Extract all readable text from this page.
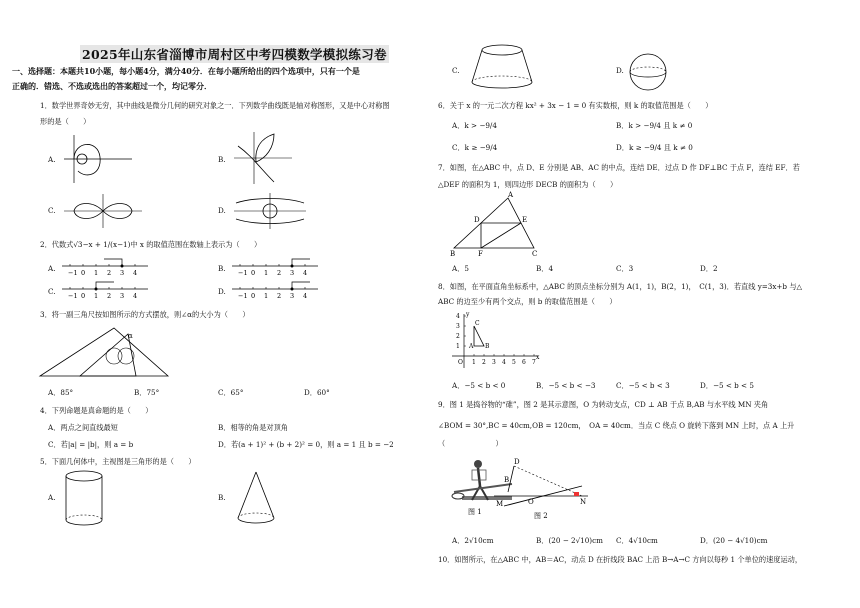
2025年山东省淄博市周村区中考四模数学模拟练习卷
一、选择题：本题共10小题，每小题4分，满分40分．在每小题所给出的四个选项中，只有一个是
正确的．错选、不选或选出的答案超过一个，均记零分．
1．数学世界奇妙无穷，其中曲线是微分几何的研究对象之一．下列数学曲线既是轴对称图形，又是中心对称图
形的是（　　）
A.	B.
C.	D.
2．代数式√3−x + 1/(x−1)中 x 的取值范围在数轴上表示为（　　）
A. −1 0 1 2 3 4	B. −1 0 1 2 3 4
C. −1 0 1 2 3 4	D. −1 0 1 2 3 4
3．将一副三角尺按如图所示的方式摆放，则∠α的大小为（　　）
α
A．85°	B．75°	C．65°	D．60°
4．下列命题是真命题的是（　　）
A．两点之间直线最短	B．相等的角是对顶角
C．若|a| = |b|，则 a = b	D．若(a + 1)² + (b + 2)² = 0，则 a = 1 且 b = −2
5．下面几何体中，主视图是三角形的是（　　）
A.	B.
C.	D.
6．关于 x 的一元二次方程 kx² + 3x − 1 = 0 有实数根，则 k 的取值范围是（　　）
A．k > −9/4	B．k > −9/4 且 k ≠ 0
C．k ≥ −9/4	D．k ≥ −9/4 且 k ≠ 0
7．如图，在△ABC 中，点 D、E 分别是 AB、AC 的中点，连结 DE．过点 D 作 DF⊥BC 于点 F，连结 EF．若
△DEF 的面积为 1，则四边形 DECB 的面积为（　　）
A
D	E
B	F	C
A．5	B．4	C．3	D．2
8．如图，在平面直角坐标系中，△ABC 的顶点坐标分别为 A(1，1)，B(2，1)，　C(1，3)．若直线 y=3x+b 与△
ABC 的边至少有两个交点，则 b 的取值范围是（　　）
1 2 3 4 5 6 7
1
2
3
4
O
x
y
A B
C
A．−5 < b < 0	B．−5 < b < −3	C．−5 < b < 3	D．−5 < b < 5
9．图 1 是捣谷物的“碓”，图 2 是其示意图，O 为转动支点，CD ⊥ AB 于点 B,AB 与水平线 MN 夹角
∠BOM = 30°,BC = 40cm,OB = 120cm，　OA = 40cm．当点 C 绕点 O 旋转下落到 MN 上时，点 A 上升
（　　　　　　　）
图 1
D
B
M	O	N
图 2
A．2√10cm	B．(20 − 2√10)cm C．4√10cm	D．(20 − 4√10)cm
10．如图所示，在△ABC 中，AB＝AC，动点 D 在折线段 BAC 上沿 B→A→C 方向以每秒 1 个单位的速度运动，
